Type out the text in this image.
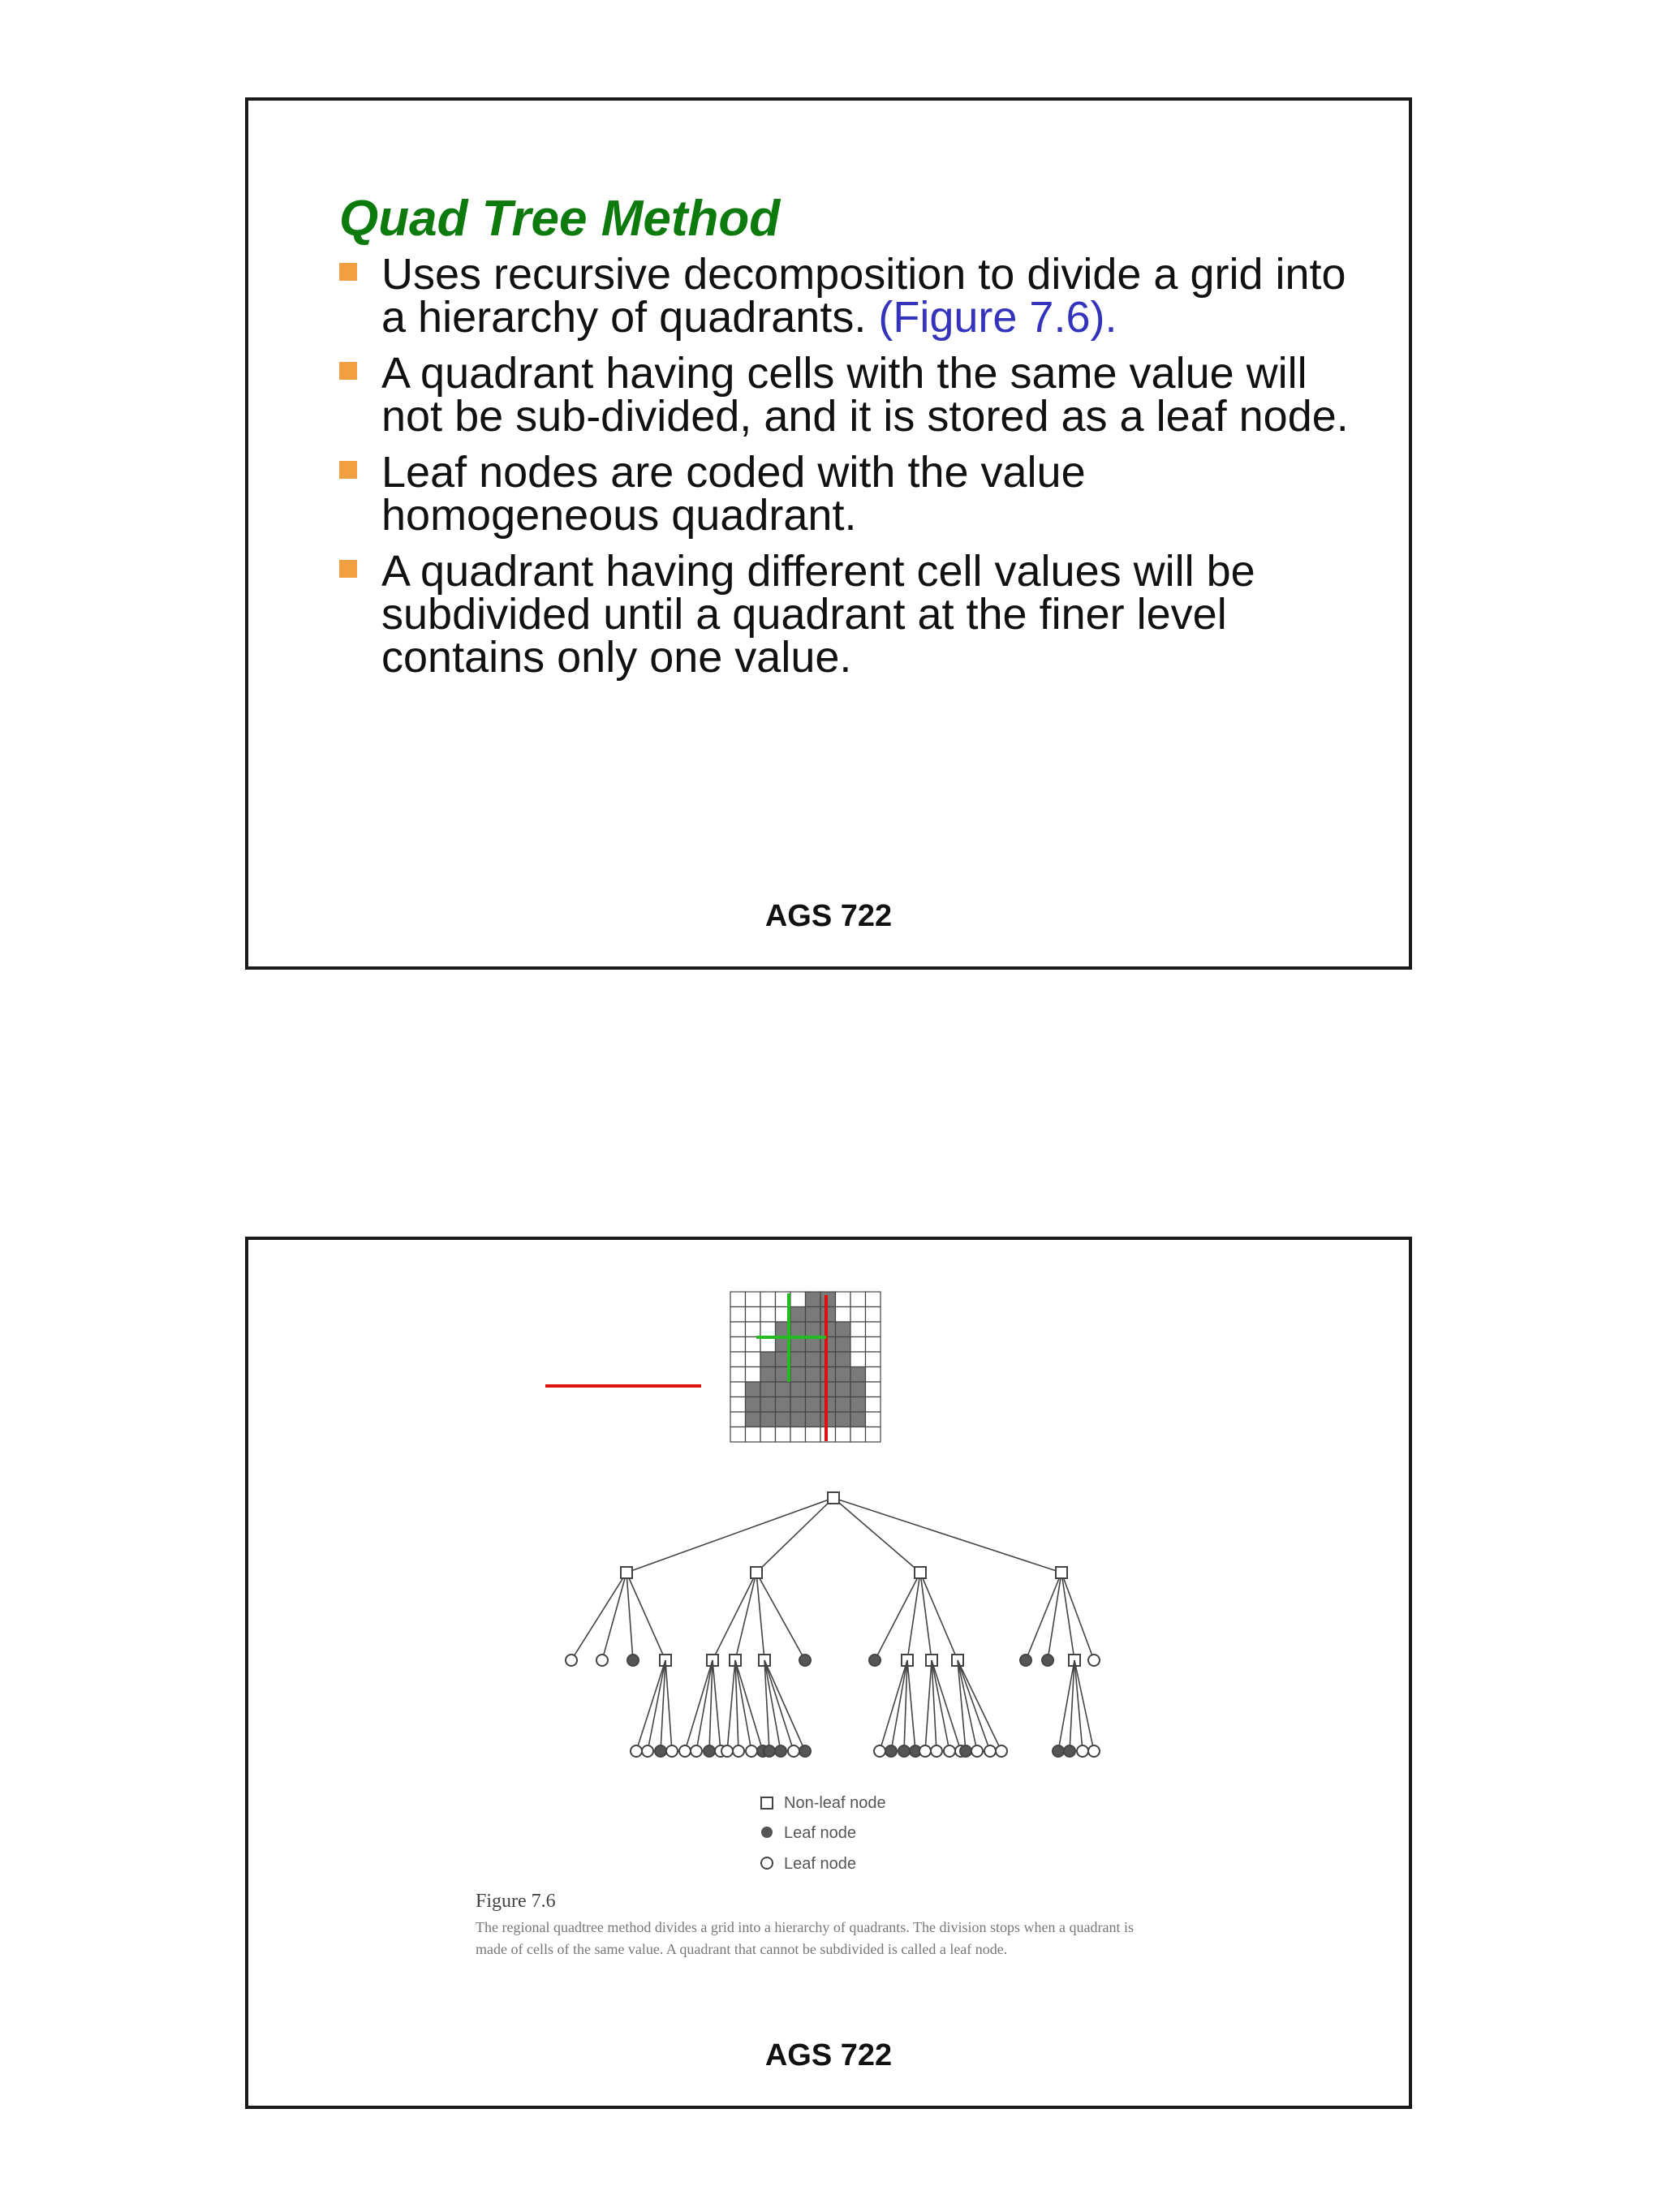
Quad Tree Method
Uses recursive decomposition to divide a grid into a hierarchy of quadrants. (Figure 7.6).
A quadrant having cells with the same value will not be sub-divided, and it is stored as a leaf node.
Leaf nodes are coded with the value homogeneous quadrant.
A quadrant having different cell values will be subdivided until a quadrant at the finer level contains only one value.
AGS 722
Non-leaf node
Leaf node
Leaf node
Figure 7.6
The regional quadtree method divides a grid into a hierarchy of quadrants. The division stops when a quadrant is
made of cells of the same value. A quadrant that cannot be subdivided is called a leaf node.
AGS 722
